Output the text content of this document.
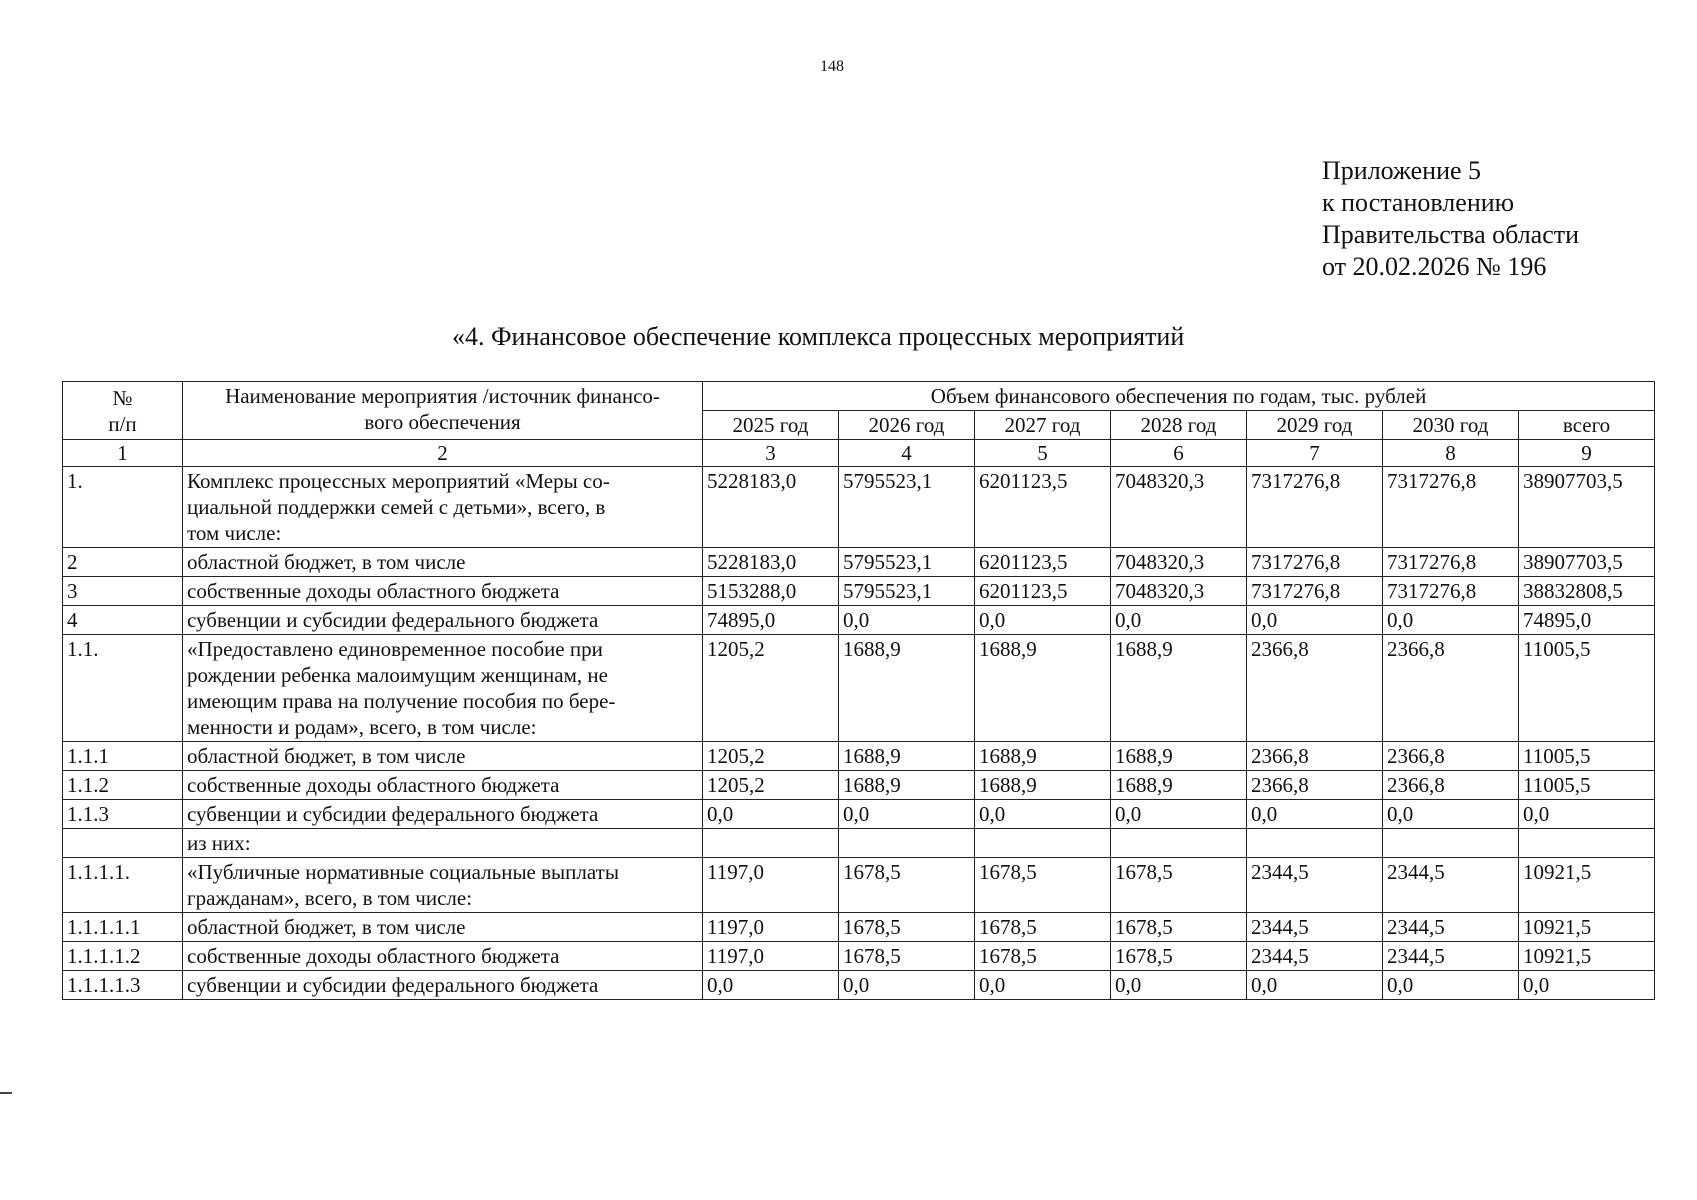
148
Приложение 5
к постановлению
Правительства области
от 20.02.2026 № 196
«4. Финансовое обеспечение комплекса процессных мероприятий
№
п/п	Наименование мероприятия /источник финансо-
вого обеспечения	Объем финансового обеспечения по годам, тыс. рублей						
		2025 год	2026 год	2027 год	2028 год	2029 год	2030 год	всего
1	2	3	4	5	6	7	8	9
1.	Комплекс процессных мероприятий «Меры со-
циальной поддержки семей с детьми», всего, в
том числе:	5228183,0	5795523,1	6201123,5	7048320,3	7317276,8	7317276,8	38907703,5
2	областной бюджет, в том числе	5228183,0	5795523,1	6201123,5	7048320,3	7317276,8	7317276,8	38907703,5
3	собственные доходы областного бюджета	5153288,0	5795523,1	6201123,5	7048320,3	7317276,8	7317276,8	38832808,5
4	субвенции и субсидии федерального бюджета	74895,0	0,0	0,0	0,0	0,0	0,0	74895,0
1.1.	«Предоставлено единовременное пособие при
рождении ребенка малоимущим женщинам, не
имеющим права на получение пособия по бере-
менности и родам», всего, в том числе:	1205,2	1688,9	1688,9	1688,9	2366,8	2366,8	11005,5
1.1.1	областной бюджет, в том числе	1205,2	1688,9	1688,9	1688,9	2366,8	2366,8	11005,5
1.1.2	собственные доходы областного бюджета	1205,2	1688,9	1688,9	1688,9	2366,8	2366,8	11005,5
1.1.3	субвенции и субсидии федерального бюджета	0,0	0,0	0,0	0,0	0,0	0,0	0,0
	из них:							
1.1.1.1.	«Публичные нормативные социальные выплаты
гражданам», всего, в том числе:	1197,0	1678,5	1678,5	1678,5	2344,5	2344,5	10921,5
1.1.1.1.1	областной бюджет, в том числе	1197,0	1678,5	1678,5	1678,5	2344,5	2344,5	10921,5
1.1.1.1.2	собственные доходы областного бюджета	1197,0	1678,5	1678,5	1678,5	2344,5	2344,5	10921,5
1.1.1.1.3	субвенции и субсидии федерального бюджета	0,0	0,0	0,0	0,0	0,0	0,0	0,0
